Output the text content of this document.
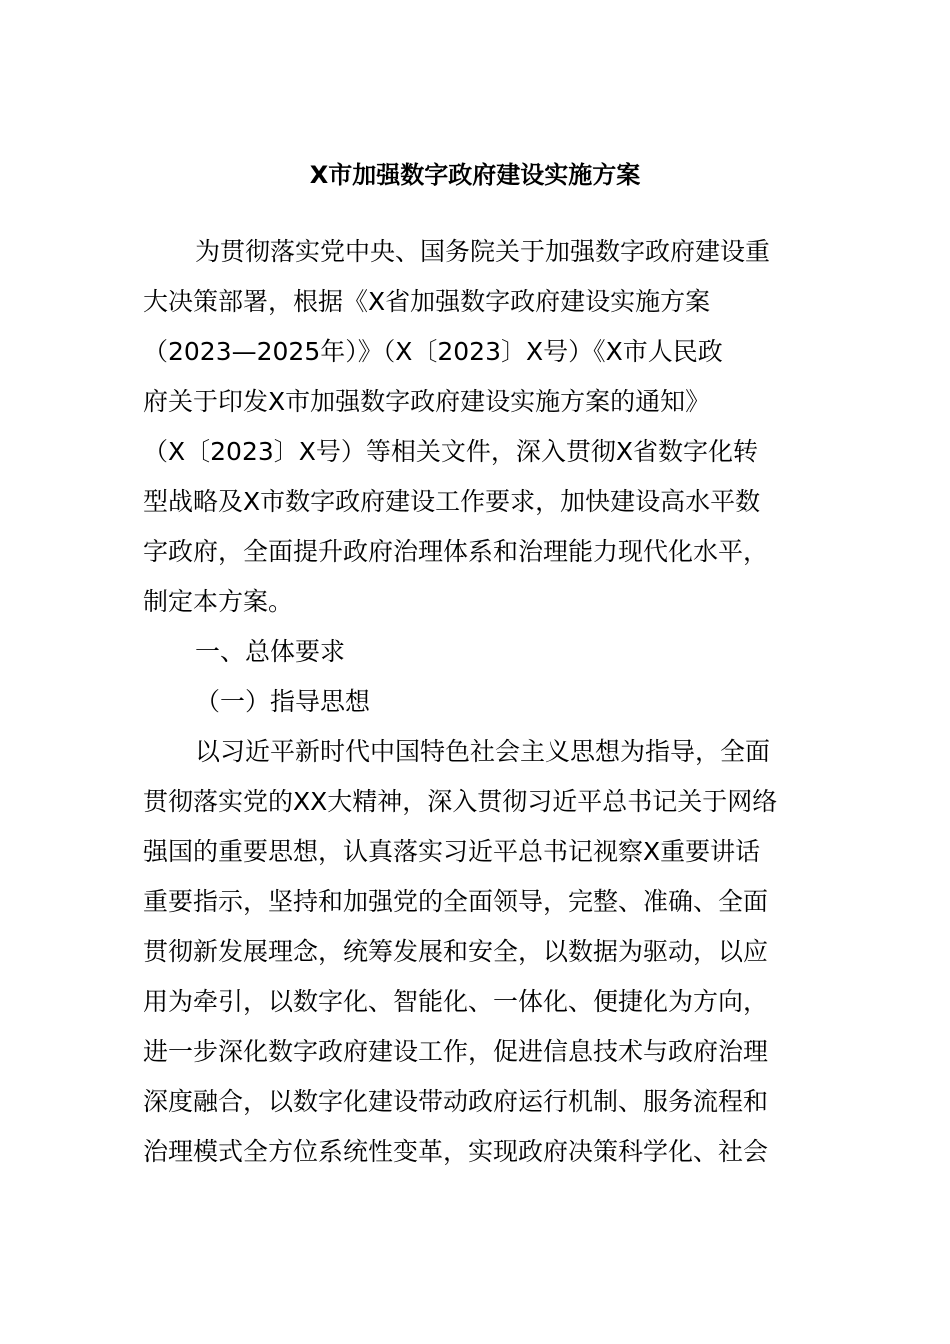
X市加强数字政府建设实施方案
为贯彻落实党中央、国务院关于加强数字政府建设重
大决策部署，根据《X省加强数字政府建设实施方案
（2023—2025年）》（X〔2023〕X号）《X市人民政
府关于印发X市加强数字政府建设实施方案的通知》
（X〔2023〕X号）等相关文件，深入贯彻X省数字化转
型战略及X市数字政府建设工作要求，加快建设高水平数
字政府，全面提升政府治理体系和治理能力现代化水平，
制定本方案。
一、总体要求
（一）指导思想
以习近平新时代中国特色社会主义思想为指导，全面
贯彻落实党的XX大精神，深入贯彻习近平总书记关于网络
强国的重要思想，认真落实习近平总书记视察X重要讲话
重要指示，坚持和加强党的全面领导，完整、准确、全面
贯彻新发展理念，统筹发展和安全，以数据为驱动，以应
用为牵引，以数字化、智能化、一体化、便捷化为方向，
进一步深化数字政府建设工作，促进信息技术与政府治理
深度融合，以数字化建设带动政府运行机制、服务流程和
治理模式全方位系统性变革，实现政府决策科学化、社会
